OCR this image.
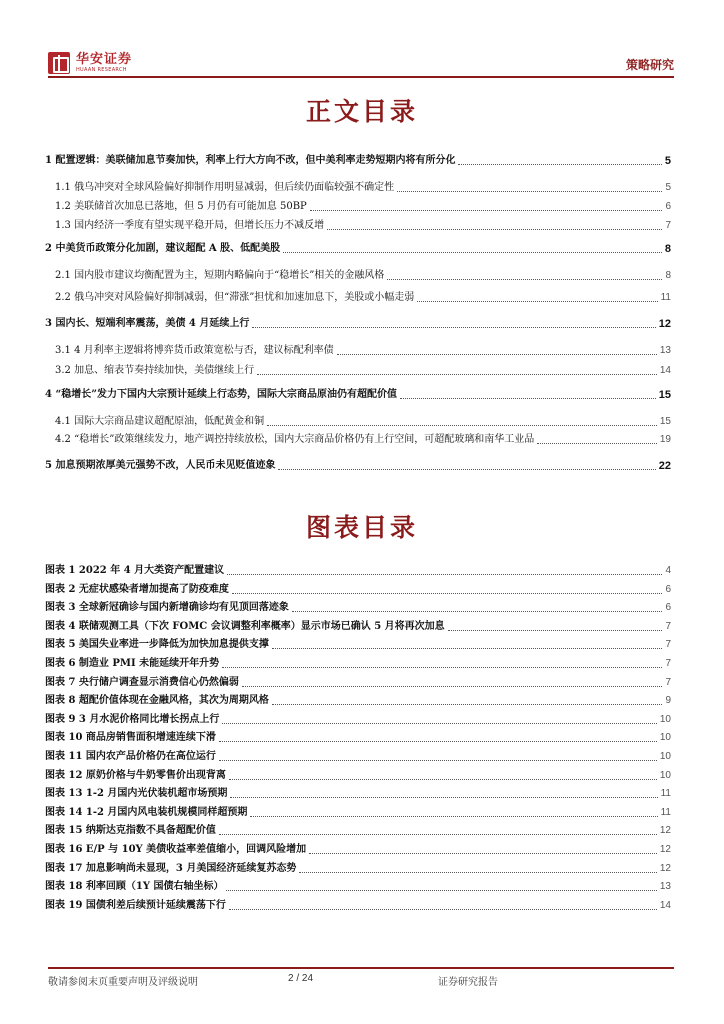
华安证券
HUAAN RESEARCH	策略研究
正文目录
1 配置逻辑：美联储加息节奏加快，利率上行大方向不改，但中美利率走势短期内将有所分化	5
1.1 俄乌冲突对全球风险偏好抑制作用明显减弱，但后续仍面临较强不确定性	5
1.2 美联储首次加息已落地，但 5 月仍有可能加息 50BP	6
1.3 国内经济一季度有望实现平稳开局，但增长压力不减反增	7
2 中美货币政策分化加剧，建议超配 A 股、低配美股	8
2.1 国内股市建议均衡配置为主，短期内略偏向于“稳增长”相关的金融风格	8
2.2 俄乌冲突对风险偏好抑制减弱，但“滞涨”担忧和加速加息下，美股或小幅走弱	11
3 国内长、短端利率震荡，美债 4 月延续上行	12
3.1 4 月利率主逻辑将博弈货币政策宽松与否，建议标配利率债	13
3.2 加息、缩表节奏持续加快，美债继续上行	14
4 “稳增长”发力下国内大宗预计延续上行态势，国际大宗商品原油仍有超配价值	15
4.1 国际大宗商品建议超配原油，低配黄金和铜	15
4.2 “稳增长”政策继续发力，地产调控持续放松，国内大宗商品价格仍有上行空间，可超配玻璃和南华工业品	19
5 加息预期浓厚美元强势不改，人民币未见贬值迹象	22
图表目录
图表 1 2022 年 4 月大类资产配置建议	4
图表 2 无症状感染者增加提高了防疫难度	6
图表 3 全球新冠确诊与国内新增确诊均有见顶回落迹象	6
图表 4 联储观测工具（下次 FOMC 会议调整利率概率）显示市场已确认 5 月将再次加息	7
图表 5 美国失业率进一步降低为加快加息提供支撑	7
图表 6 制造业 PMI 未能延续开年升势	7
图表 7 央行储户调查显示消费信心仍然偏弱	7
图表 8 超配价值体现在金融风格，其次为周期风格	9
图表 9 3 月水泥价格同比增长拐点上行	10
图表 10 商品房销售面积增速连续下滑	10
图表 11 国内农产品价格仍在高位运行	10
图表 12 原奶价格与牛奶零售价出现背离	10
图表 13 1-2 月国内光伏装机超市场预期	11
图表 14 1-2 月国内风电装机规模同样超预期	11
图表 15 纳斯达克指数不具备超配价值	12
图表 16 E/P 与 10Y 美债收益率差值缩小，回调风险增加	12
图表 17 加息影响尚未显现，3 月美国经济延续复苏态势	12
图表 18 利率回顾（1Y 国债右轴坐标）	13
图表 19 国债利差后续预计延续震荡下行	14
敬请参阅末页重要声明及评级说明	2 / 24	证券研究报告
